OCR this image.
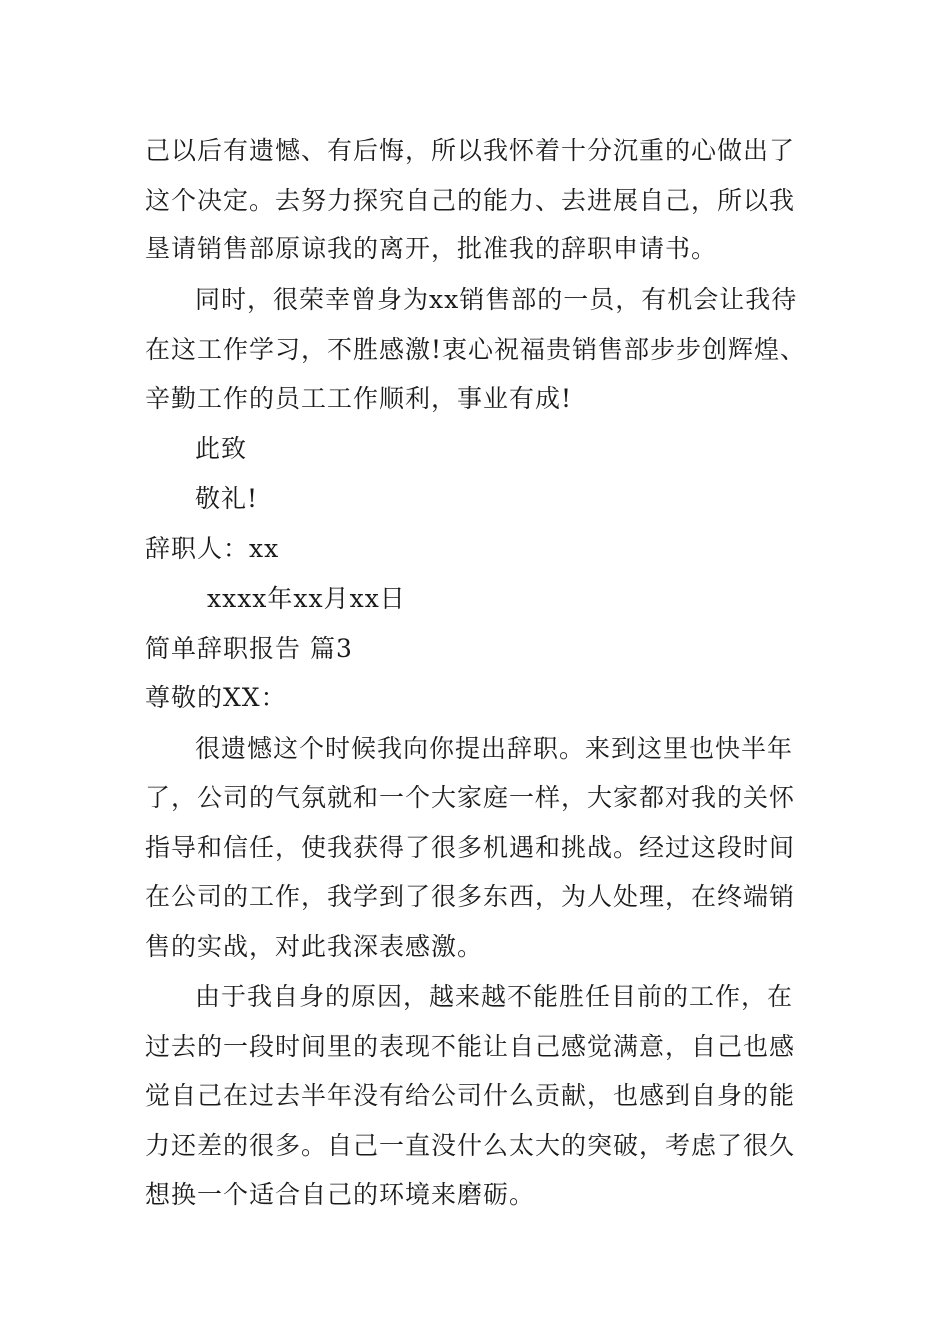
己以后有遗憾、有后悔，所以我怀着十分沉重的心做出了
这个决定。去努力探究自己的能力、去进展自己，所以我
垦请销售部原谅我的离开，批准我的辞职申请书。
同时，很荣幸曾身为xx销售部的一员，有机会让我待
在这工作学习，不胜感激!衷心祝福贵销售部步步创辉煌、
辛勤工作的员工工作顺利，事业有成!
此致
敬礼!
辞职人：xx
xxxx年xx月xx日
简单辞职报告 篇3
尊敬的XX：
很遗憾这个时候我向你提出辞职。来到这里也快半年
了，公司的气氛就和一个大家庭一样，大家都对我的关怀
指导和信任，使我获得了很多机遇和挑战。经过这段时间
在公司的工作，我学到了很多东西，为人处理，在终端销
售的实战，对此我深表感激。
由于我自身的原因，越来越不能胜任目前的工作，在
过去的一段时间里的表现不能让自己感觉满意，自己也感
觉自己在过去半年没有给公司什么贡献，也感到自身的能
力还差的很多。自己一直没什么太大的突破，考虑了很久
想换一个适合自己的环境来磨砺。
